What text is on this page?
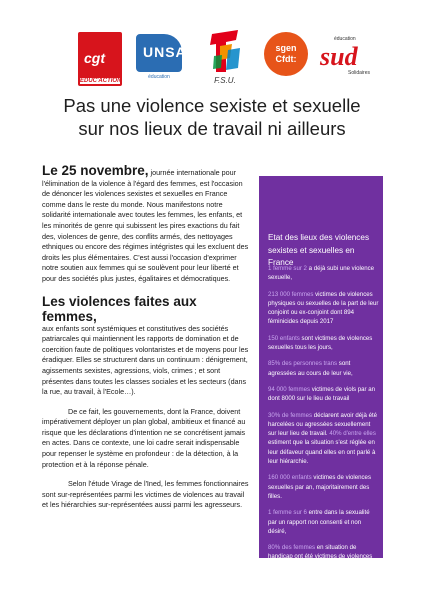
cgt
ÉDUC'ACTION
UNSA
éducation	F.S.U.
sgen
Cfdt:
éducation
sud
Solidaires
Pas une violence sexiste et sexuelle
sur nos lieux de travail ni ailleurs

Le 25 novembre, journée internationale pour l'élimination de la violence à l'égard des femmes, est l'occasion de dénoncer les violences sexistes et sexuelles en France comme dans le reste du monde. Nous manifestons notre solidarité internationale avec toutes les femmes, les enfants, et les minorités de genre qui subissent les pires exactions du fait des, violences de genre, des conflits armés, des nettoyages ethniques ou encore des régimes intégristes qui les excluent des droits les plus élémentaires. C'est aussi l'occasion d'exprimer notre soutien aux femmes qui se soulèvent pour leur liberté et pour des sociétés plus justes, égalitaires et démocratiques.

Les violences faites aux femmes,
aux enfants sont systémiques et constitutives des sociétés patriarcales qui maintiennent les rapports de domination et de coercition faute de politiques volontaristes et de moyens pour les éradiquer. Elles se structurent dans un continuum : dénigrement, agissements sexistes, agressions, viols, crimes ; et sont présentes dans toutes les classes sociales et les secteurs (dans la rue, au travail, à l'Ecole…).

De ce fait, les gouvernements, dont la France, doivent impérativement déployer un plan global, ambitieux et financé au risque que les déclarations d'intention ne se concrétisent jamais en actes. Dans ce contexte, une loi cadre serait indispensable pour repenser le système en profondeur : de la détection, à la protection et à la réponse pénale.

Selon l'étude Virage de l'Ined, les femmes fonctionnaires sont sur-représentées parmi les victimes de violences au travail et les hiérarchies sur-représentées aussi parmi les agresseurs.

Etat des lieux des violences sexistes et sexuelles en France

1 femme sur 2 a déjà subi une violence sexuelle,

213 000 femmes victimes de violences physiques ou sexuelles de la part de leur conjoint ou ex-conjoint dont 894 féminicides depuis 2017

150 enfants sont victimes de violences sexuelles tous les jours,

85% des personnes trans sont agressées au cours de leur vie,

94 000 femmes victimes de viols par an dont 8000 sur le lieu de travail

30% de femmes déclarent avoir déjà été harcelées ou agressées sexuellement sur leur lieu de travail. 40% d'entre elles estiment que la situation s'est réglée en leur défaveur quand elles en ont parlé à leur hiérarchie.

160 000 enfants victimes de violences sexuelles par an, majoritairement des filles.

1 femme sur 6 entre dans la sexualité par un rapport non consenti et non désiré,

80% des femmes en situation de handicap ont été victimes de violences
